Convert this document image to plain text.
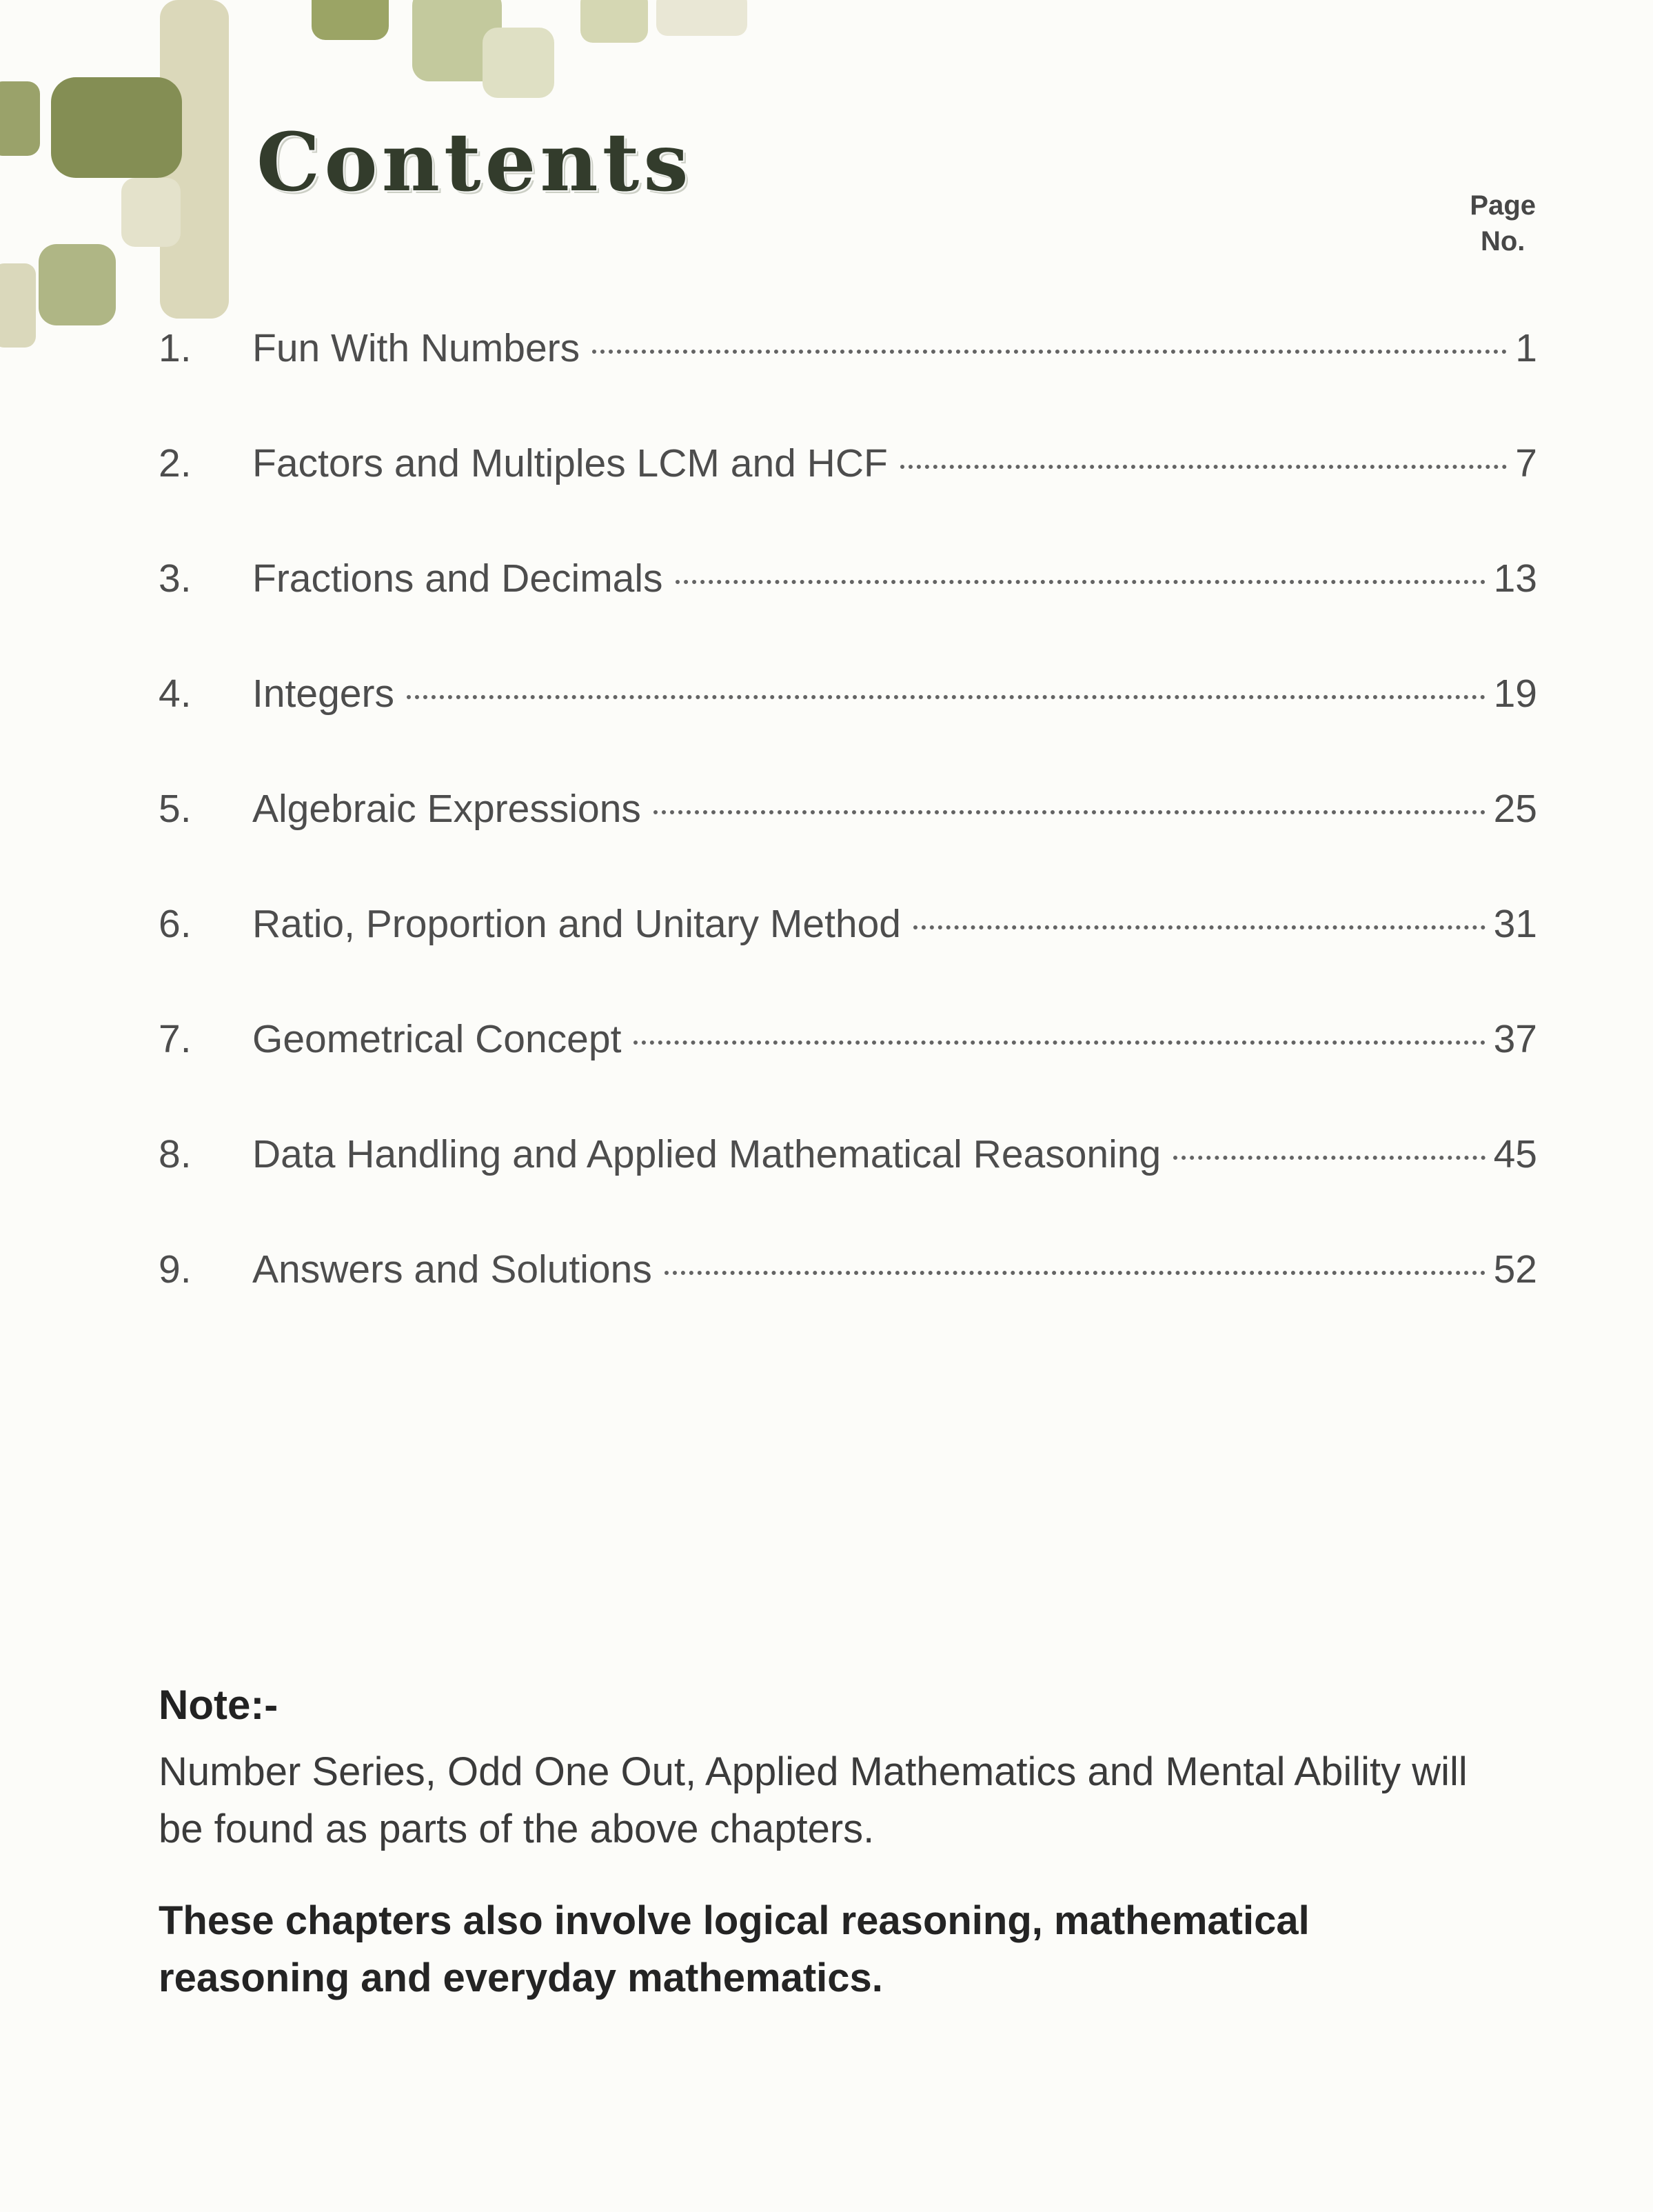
Contents	Page
No.
1.	Fun With Numbers	1
2.	Factors and Multiples LCM and HCF	7
3.	Fractions and Decimals	13
4.	Integers	19
5.	Algebraic Expressions	25
6.	Ratio, Proportion and Unitary Method	31
7.	Geometrical Concept	37
8.	Data Handling and Applied Mathematical Reasoning	45
9.	Answers and Solutions	52
Note:-
Number Series, Odd One Out, Applied Mathematics and Mental Ability will be found as parts of the above chapters.
These chapters also involve logical reasoning, mathematical reasoning and everyday mathematics.
